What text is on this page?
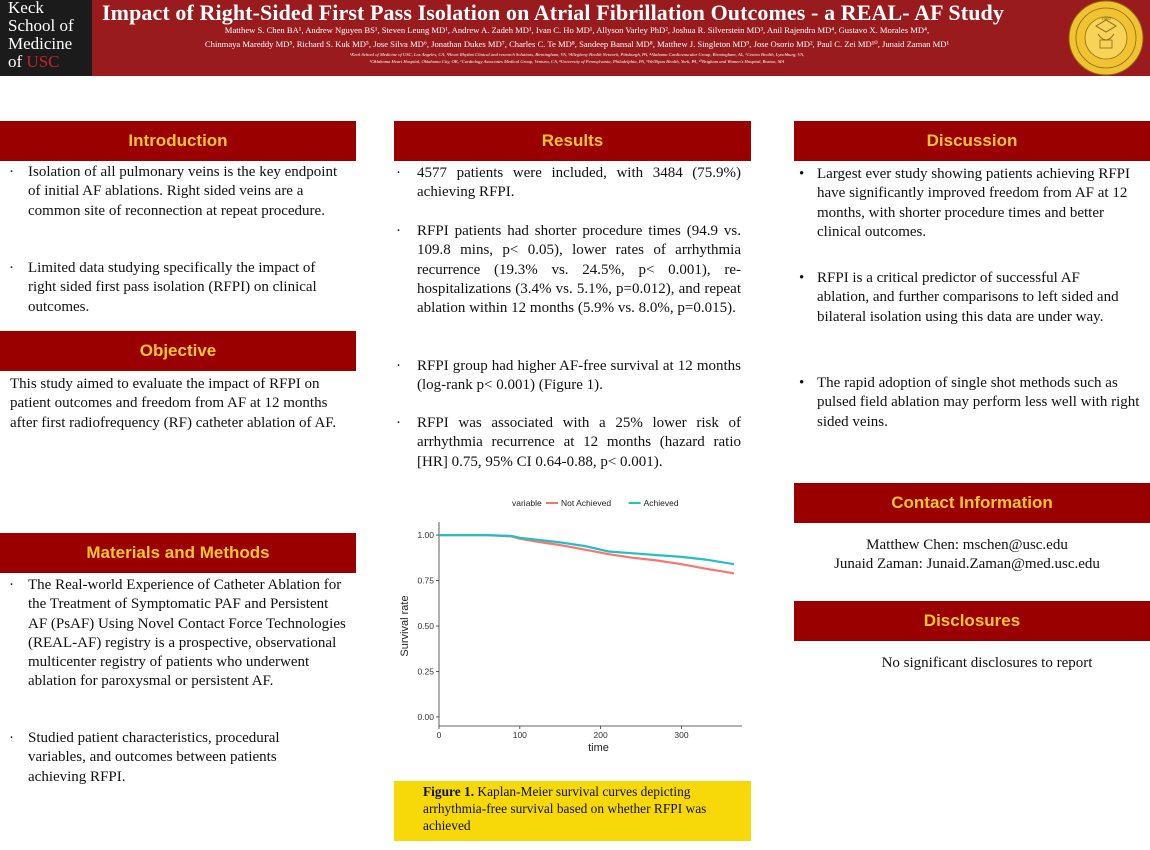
Keck
School of
Medicine
of USC
Impact of Right-Sided First Pass Isolation on Atrial Fibrillation Outcomes - a REAL- AF Study
Matthew S. Chen BA¹, Andrew Nguyen BS¹, Steven Leung MD¹, Andrew A. Zadeh MD¹, Ivan C. Ho MD¹, Allyson Varley PhD², Joshua R. Silverstein MD³, Anil Rajendra MD⁴, Gustavo X. Morales MD⁴,
Chinmaya Mareddy MD⁵, Richard S. Kuk MD⁵, Jose Silva MD⁶, Jonathan Dukes MD⁷, Charles C. Te MD⁸, Sandeep Bansal MD⁸, Matthew J. Singleton MD⁹, Jose Osorio MD², Paul C. Zei MD¹⁰, Junaid Zaman MD¹
¹Keck School of Medicine of USC, Los Angeles, CA, ²Heart Rhythm Clinical and research Solutions, Birmingham, VA, ³Allegheny Health Network, Pittsburgh, PA, ⁴Alabama Cardiovascular Group, Birmingham, AL, ⁵Centra Health, Lynchburg, VA,
⁶Oklahoma Heart Hospital, Oklahoma City, OK, ⁷Cardiology Associates Medical Group, Ventura, CA, ⁸University of Pennsylvania, Philadelphia, PA, ⁹WellSpan Health, York, PA, ¹⁰Brigham and Women's Hospital, Boston, MA
1880
Introduction
· Isolation of all pulmonary veins is the key endpoint of initial AF ablations. Right sided veins are a common site of reconnection at repeat procedure.
· Limited data studying specifically the impact of right sided first pass isolation (RFPI) on clinical outcomes.
Objective
This study aimed to evaluate the impact of RFPI on patient outcomes and freedom from AF at 12 months after first radiofrequency (RF) catheter ablation of AF.
Materials and Methods
· The Real-world Experience of Catheter Ablation for the Treatment of Symptomatic PAF and Persistent AF (PsAF) Using Novel Contact Force Technologies (REAL-AF) registry is a prospective, observational multicenter registry of patients who underwent ablation for paroxysmal or persistent AF.
· Studied patient characteristics, procedural variables, and outcomes between patients achieving RFPI.
Results
· 4577 patients were included, with 3484 (75.9%) achieving RFPI.
· RFPI patients had shorter procedure times (94.9 vs. 109.8 mins, p< 0.05), lower rates of arrhythmia recurrence (19.3% vs. 24.5%, p< 0.001), re-hospitalizations (3.4% vs. 5.1%, p=0.012), and repeat ablation within 12 months (5.9% vs. 8.0%, p=0.015).
· RFPI group had higher AF-free survival at 12 months (log-rank p< 0.001) (Figure 1).
· RFPI was associated with a 25% lower risk of arrhythmia recurrence at 12 months (hazard ratio [HR] 0.75, 95% CI 0.64-0.88, p< 0.001).
variable Not Achieved	Achieved
0.00
0.25
0.50
0.75
1.00
0	100	200	300
time
Survival rate
Figure 1. Kaplan-Meier survival curves depicting arrhythmia-free survival based on whether RFPI was achieved
Discussion
• Largest ever study showing patients achieving RFPI have significantly improved freedom from AF at 12 months, with shorter procedure times and better clinical outcomes.
• RFPI is a critical predictor of successful AF ablation, and further comparisons to left sided and bilateral isolation using this data are under way.
• The rapid adoption of single shot methods such as pulsed field ablation may perform less well with right sided veins.
Contact Information
Matthew Chen: mschen@usc.edu
Junaid Zaman: Junaid.Zaman@med.usc.edu
Disclosures
No significant disclosures to report
